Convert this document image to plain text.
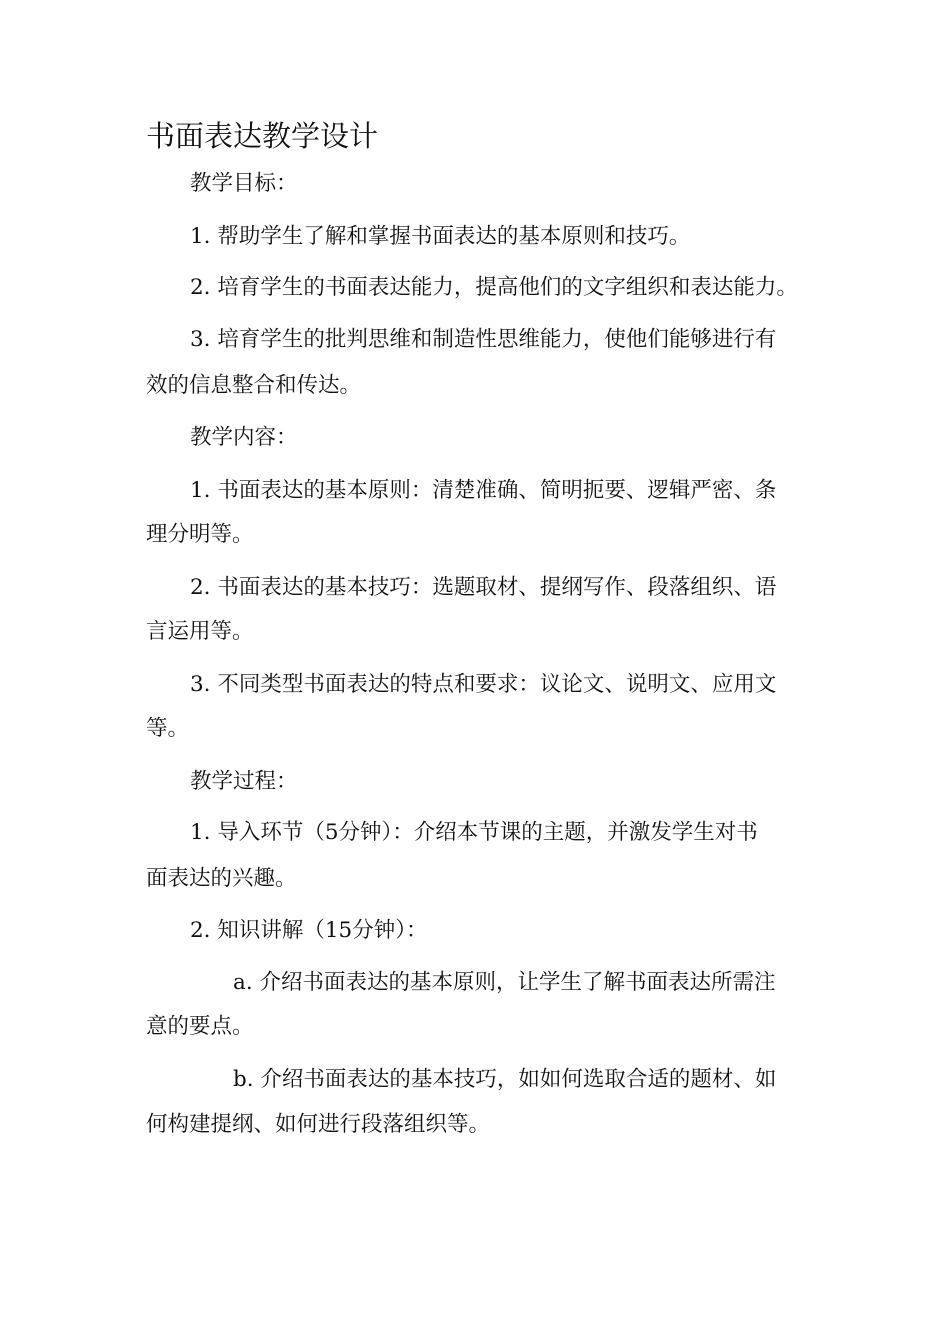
书面表达教学设计
教学目标：
1. 帮助学生了解和掌握书面表达的基本原则和技巧。
2. 培育学生的书面表达能力，提高他们的文字组织和表达能力。
3. 培育学生的批判思维和制造性思维能力，使他们能够进行有
效的信息整合和传达。
教学内容：
1. 书面表达的基本原则：清楚准确、简明扼要、逻辑严密、条
理分明等。
2. 书面表达的基本技巧：选题取材、提纲写作、段落组织、语
言运用等。
3. 不同类型书面表达的特点和要求：议论文、说明文、应用文
等。
教学过程：
1. 导入环节（5分钟）：介绍本节课的主题，并激发学生对书
面表达的兴趣。
2. 知识讲解（15分钟）：
a. 介绍书面表达的基本原则，让学生了解书面表达所需注
意的要点。
b. 介绍书面表达的基本技巧，如如何选取合适的题材、如
何构建提纲、如何进行段落组织等。
